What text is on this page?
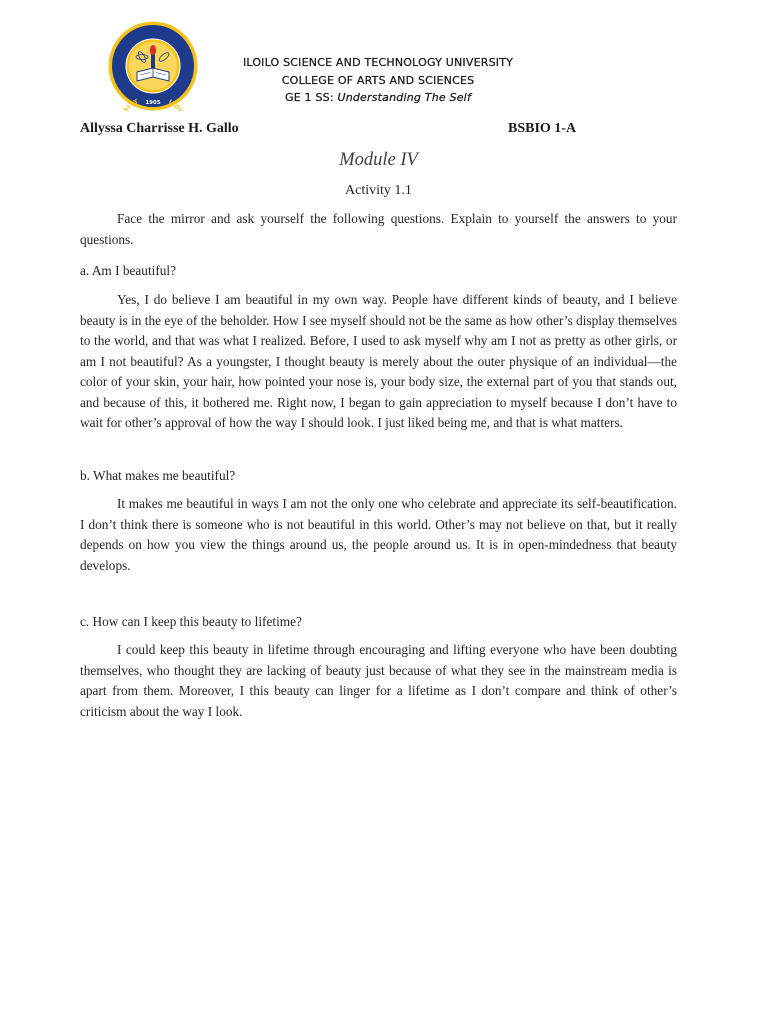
ILOI SITY	1905
ILOILO SCIENCE AND TECHNOLOGY UNIVERSITY
COLLEGE OF ARTS AND SCIENCES
GE 1 SS: Understanding The Self
Allyssa Charrisse H. Gallo	BSBIO 1-A
Module IV
Activity 1.1
Face the mirror and ask yourself the following questions. Explain to yourself the answers to your questions.
a. Am I beautiful?
Yes, I do believe I am beautiful in my own way. People have different kinds of beauty, and I believe beauty is in the eye of the beholder. How I see myself should not be the same as how other’s display themselves to the world, and that was what I realized. Before, I used to ask myself why am I not as pretty as other girls, or am I not beautiful? As a youngster, I thought beauty is merely about the outer physique of an individual—the color of your skin, your hair, how pointed your nose is, your body size, the external part of you that stands out, and because of this, it bothered me. Right now, I began to gain appreciation to myself because I don’t have to wait for other’s approval of how the way I should look. I just liked being me, and that is what matters.
b. What makes me beautiful?
It makes me beautiful in ways I am not the only one who celebrate and appreciate its self-beautification. I don’t think there is someone who is not beautiful in this world. Other’s may not believe on that, but it really depends on how you view the things around us, the people around us. It is in open-mindedness that beauty develops.
c. How can I keep this beauty to lifetime?
I could keep this beauty in lifetime through encouraging and lifting everyone who have been doubting themselves, who thought they are lacking of beauty just because of what they see in the mainstream media is apart from them. Moreover, I this beauty can linger for a lifetime as I don’t compare and think of other’s criticism about the way I look.
